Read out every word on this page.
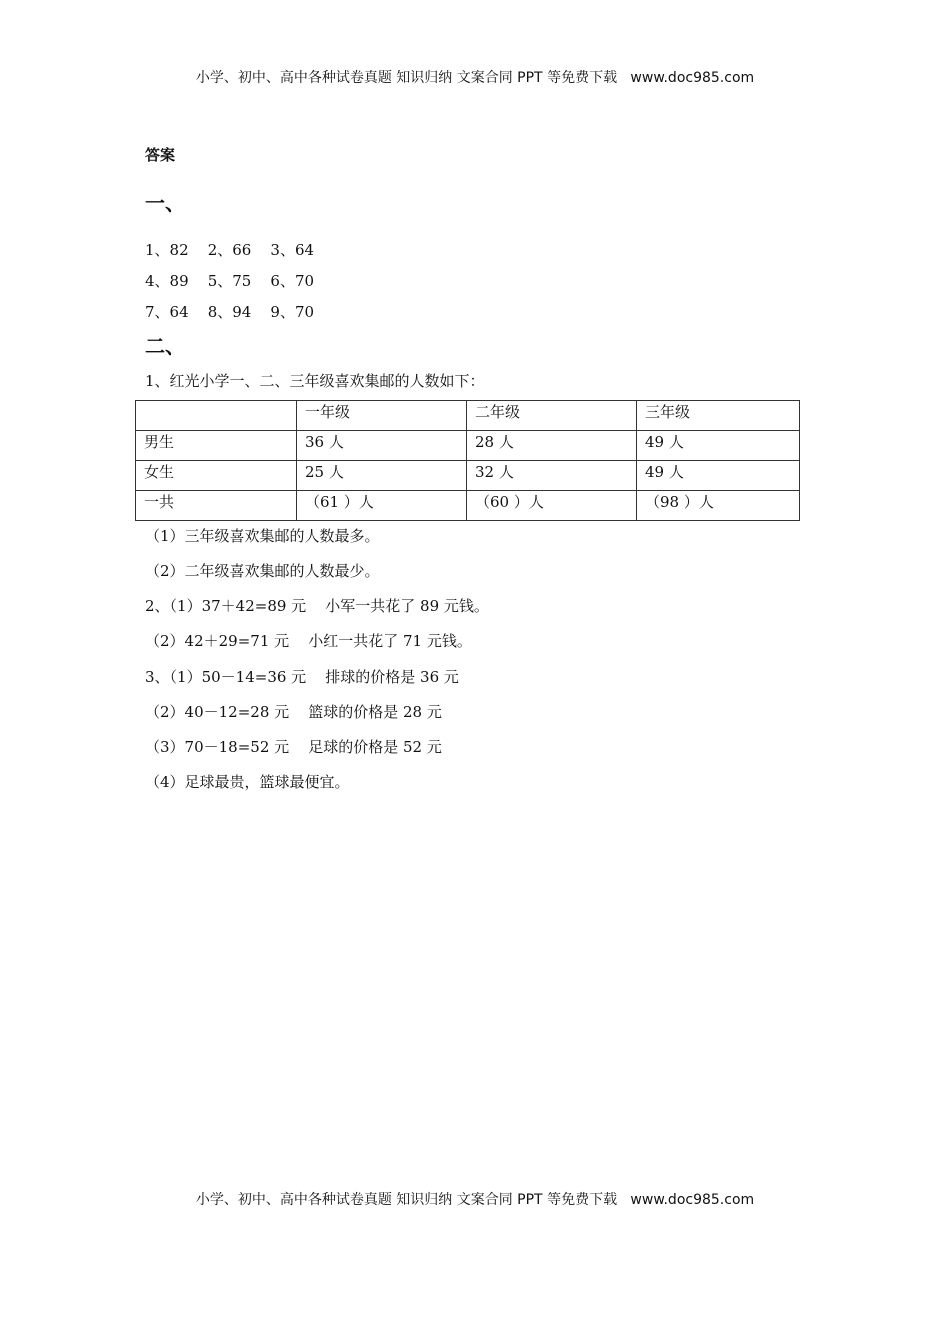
小学、初中、高中各种试卷真题 知识归纳 文案合同 PPT 等免费下载   www.doc985.com
答案
一、
1、82    2、66    3、64
4、89    5、75    6、70
7、64    8、94    9、70
二、
1、红光小学一、二、三年级喜欢集邮的人数如下：
	一年级	二年级	三年级
男生	36 人	28 人	49 人
女生	25 人	32 人	49 人
一共	（61 ）人	（60 ）人	（98 ）人
（1）三年级喜欢集邮的人数最多。
（2）二年级喜欢集邮的人数最少。
2、（1）37＋42=89 元    小军一共花了 89 元钱。
（2）42＋29=71 元    小红一共花了 71 元钱。
3、（1）50－14=36 元    排球的价格是 36 元
（2）40－12=28 元    篮球的价格是 28 元
（3）70－18=52 元    足球的价格是 52 元
（4）足球最贵，篮球最便宜。
小学、初中、高中各种试卷真题 知识归纳 文案合同 PPT 等免费下载   www.doc985.com
